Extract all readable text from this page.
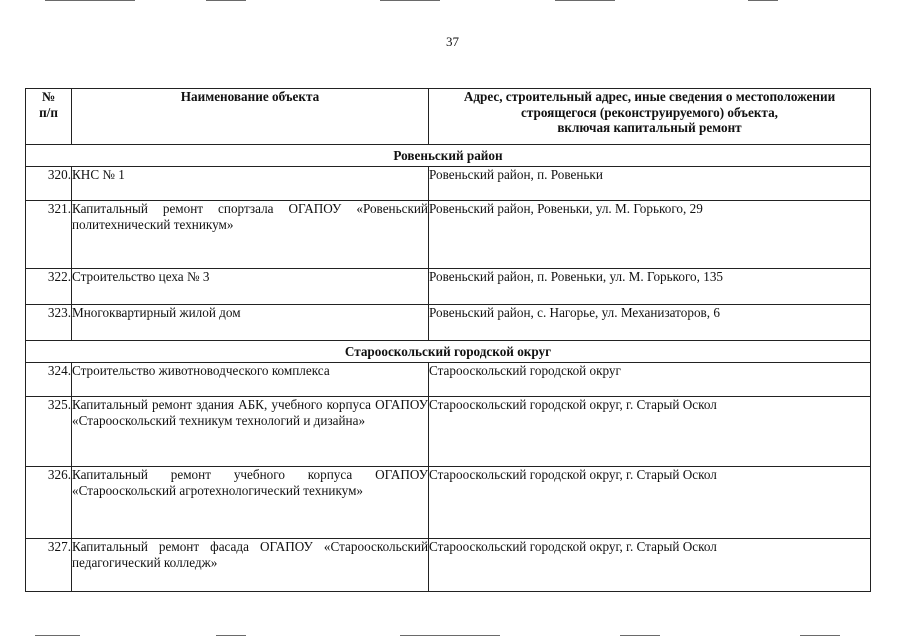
37
№
п/п	Наименование объекта	Адрес, строительный адрес, иные сведения о местоположении строящегося (реконструируемого) объекта,
включая капитальный ремонт
Ровеньский район		
320.	КНС № 1	Ровеньский район, п. Ровеньки
321.	Капитальный ремонт спортзала ОГАПОУ «Ровеньский политехнический техникум»	Ровеньский район, Ровеньки, ул. М. Горького, 29
322.	Строительство цеха № 3	Ровеньский район, п. Ровеньки, ул. М. Горького, 135
323.	Многоквартирный жилой дом	Ровеньский район, с. Нагорье, ул. Механизаторов, 6
Старооскольский городской округ		
324.	Строительство животноводческого комплекса	Старооскольский городской округ
325.	Капитальный ремонт здания АБК, учебного корпуса ОГАПОУ «Старооскольский техникум технологий и дизайна»	Старооскольский городской округ, г. Старый Оскол
326.	Капитальный ремонт учебного корпуса ОГАПОУ «Старооскольский агротехнологический техникум»	Старооскольский городской округ, г. Старый Оскол
327.	Капитальный ремонт фасада ОГАПОУ «Старооскольский педагогический колледж»	Старооскольский городской округ, г. Старый Оскол
